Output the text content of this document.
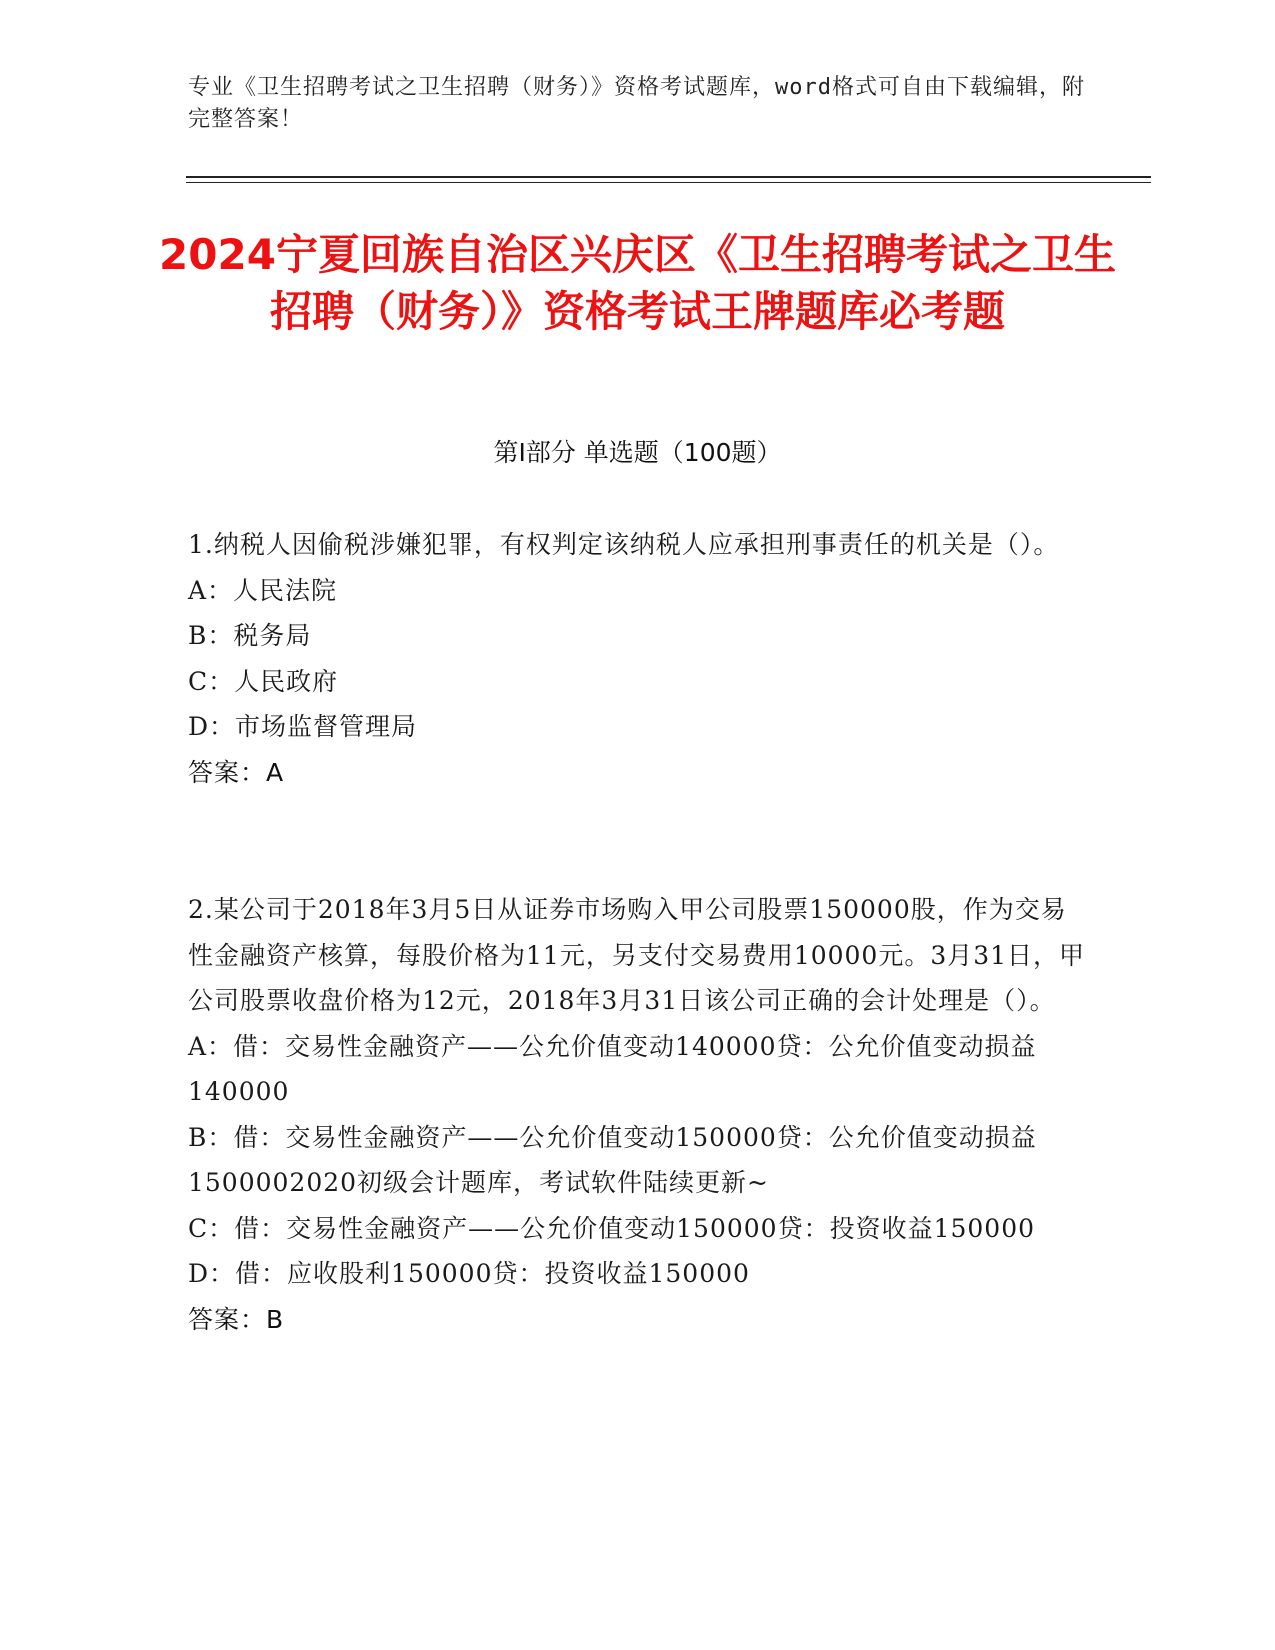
专业《卫生招聘考试之卫生招聘（财务）》资格考试题库，word格式可自由下载编辑，附完整答案！
2024宁夏回族自治区兴庆区《卫生招聘考试之卫生招聘（财务）》资格考试王牌题库必考题
第Ⅰ部分 单选题（100题）

1.纳税人因偷税涉嫌犯罪，有权判定该纳税人应承担刑事责任的机关是（）。

A：人民法院

B：税务局

C：人民政府

D：市场监督管理局

答案：A

2.某公司于2018年3月5日从证券市场购入甲公司股票150000股，作为交易性金融资产核算，每股价格为11元，另支付交易费用10000元。3月31日，甲公司股票收盘价格为12元，2018年3月31日该公司正确的会计处理是（）。

A：借：交易性金融资产——公允价值变动140000贷：公允价值变动损益140000

B：借：交易性金融资产——公允价值变动150000贷：公允价值变动损益1500002020初级会计题库，考试软件陆续更新~

C：借：交易性金融资产——公允价值变动150000贷：投资收益150000

D：借：应收股利150000贷：投资收益150000

答案：B
